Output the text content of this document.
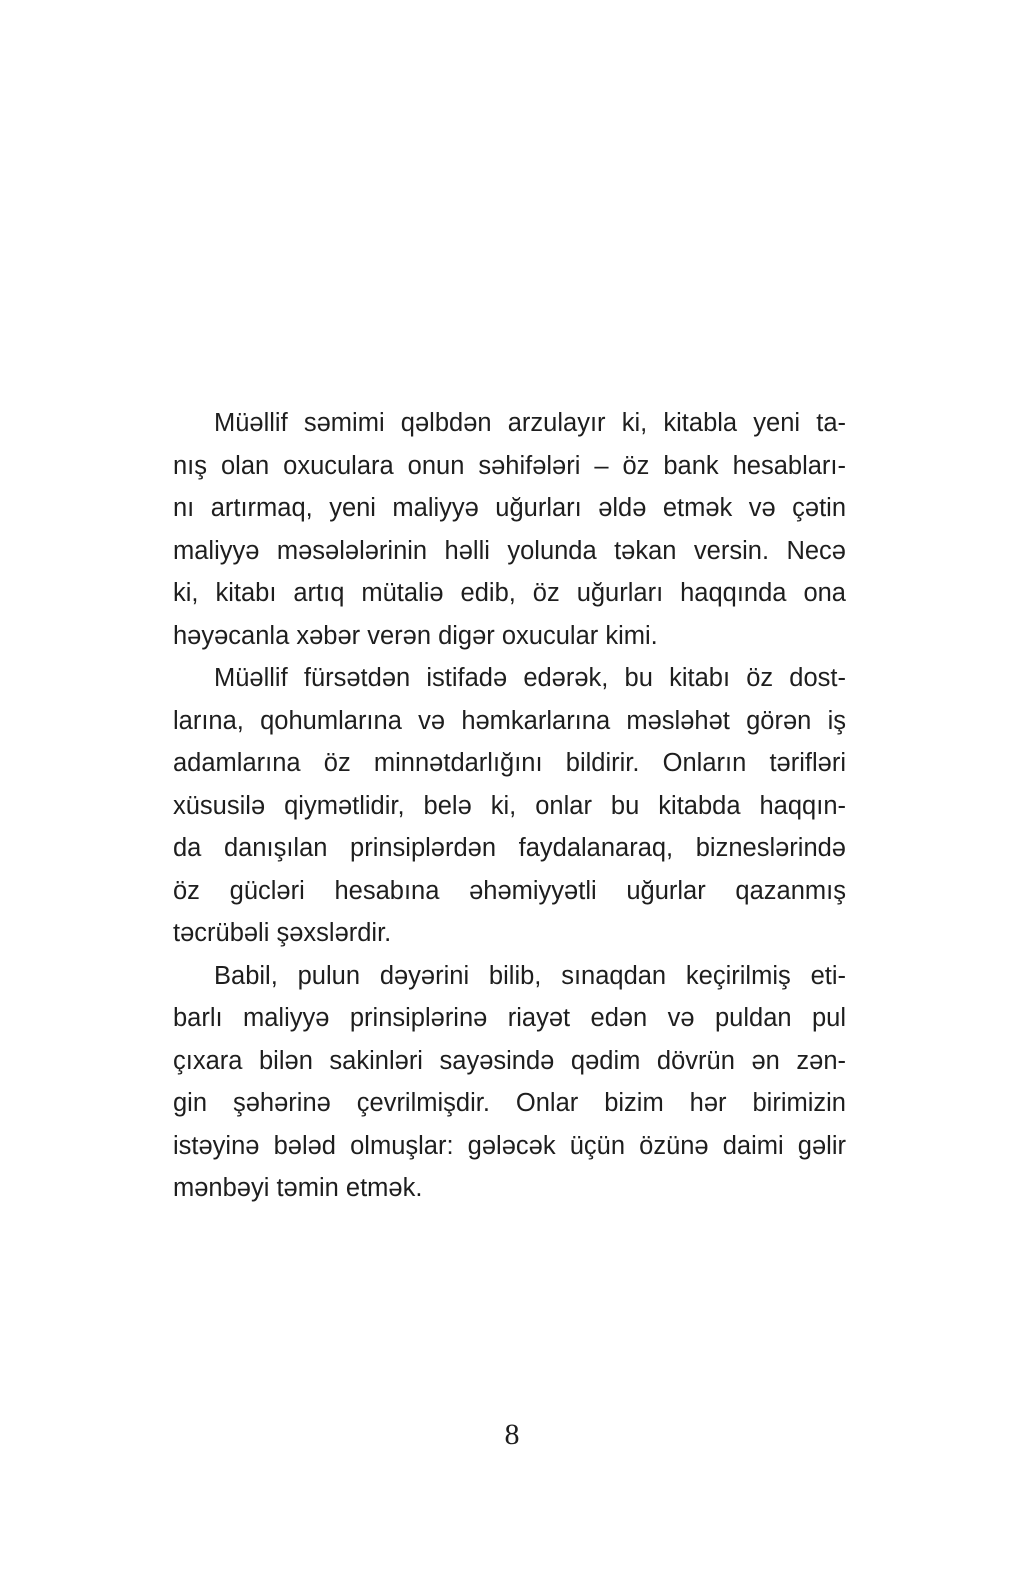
Müəllif səmimi qəlbdən arzulayır ki, kitabla yeni ta-
nış olan oxuculara onun səhifələri – öz bank hesabları-
nı artırmaq, yeni maliyyə uğurları əldə etmək və çətin
maliyyə məsələlərinin həlli yolunda təkan versin. Necə
ki, kitabı artıq mütaliə edib, öz uğurları haqqında ona
həyəcanla xəbər verən digər oxucular kimi.
Müəllif fürsətdən istifadə edərək, bu kitabı öz dost-
larına, qohumlarına və həmkarlarına məsləhət görən iş
adamlarına öz minnətdarlığını bildirir. Onların tərifləri
xüsusilə qiymətlidir, belə ki, onlar bu kitabda haqqın-
da danışılan prinsiplərdən faydalanaraq, bizneslərində
öz gücləri hesabına əhəmiyyətli uğurlar qazanmış
təcrübəli şəxslərdir.
Babil, pulun dəyərini bilib, sınaqdan keçirilmiş eti-
barlı maliyyə prinsiplərinə riayət edən və puldan pul
çıxara bilən sakinləri sayəsində qədim dövrün ən zən-
gin şəhərinə çevrilmişdir. Onlar bizim hər birimizin
istəyinə bələd olmuşlar: gələcək üçün özünə daimi gəlir
mənbəyi təmin etmək.
8
